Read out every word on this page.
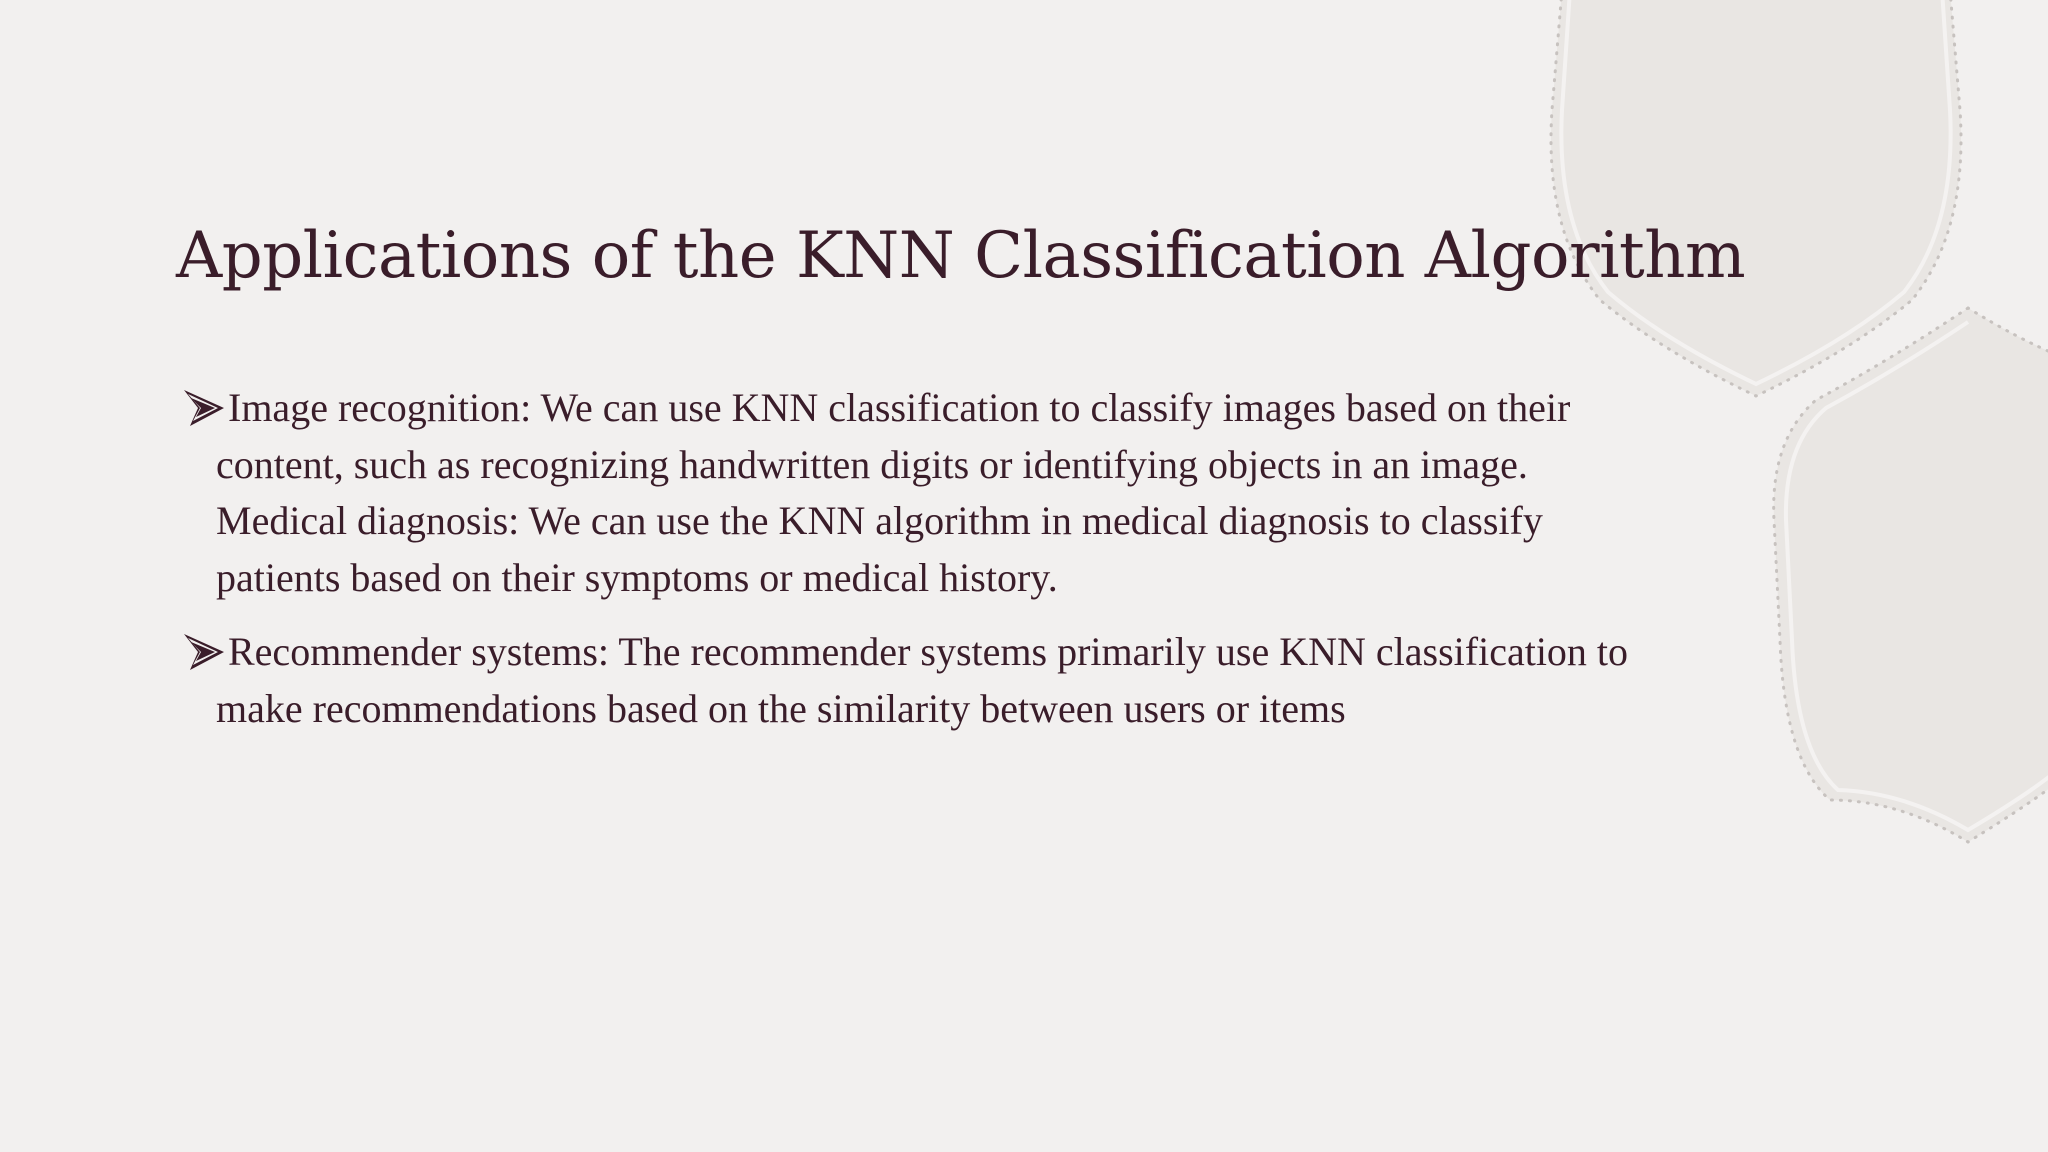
Applications of the KNN Classification Algorithm
Image recognition: We can use KNN classification to classify images based on their content, such as recognizing handwritten digits or identifying objects in an image. Medical diagnosis: We can use the KNN algorithm in medical diagnosis to classify patients based on their symptoms or medical history.
Recommender systems: The recommender systems primarily use KNN classification to make recommendations based on the similarity between users or items
